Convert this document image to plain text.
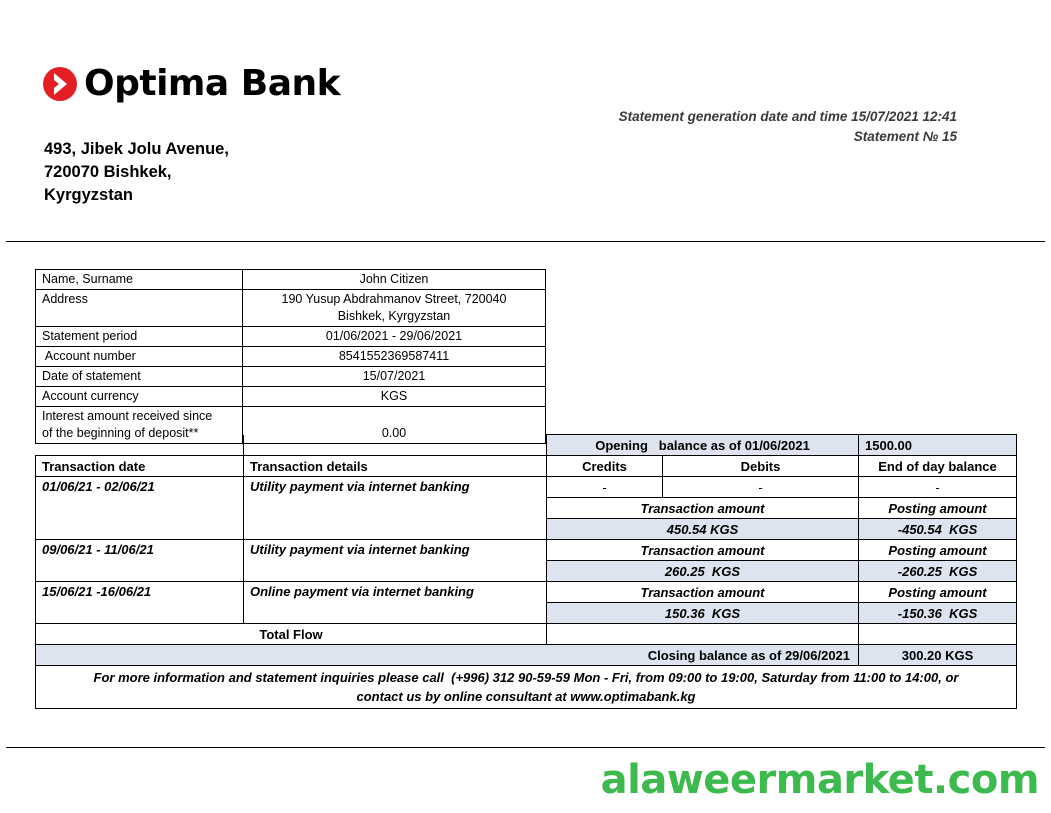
Optima Bank
Statement generation date and time 15/07/2021 12:41
Statement № 15
493, Jibek Jolu Avenue,
720070 Bishkek,
Kyrgyzstan
Name, Surname	John Citizen
Address	190 Yusup Abdrahmanov Street, 720040
Bishkek, Kyrgyzstan

Statement period	01/06/2021 - 29/06/2021
Account number	8541552369587411
Date of statement	15/07/2021
Account currency	KGS

Interest amount received since
of the beginning of deposit**	0.00
		Opening   balance as of 01/06/2021		1500.00
Transaction date	Transaction details	Credits	Debits	End of day balance
01/06/21 - 02/06/21	Utility payment via internet banking	-	-	-
		Transaction amount		Posting amount
		450.54 KGS		-450.54  KGS
09/06/21 - 11/06/21	Utility payment via internet banking	Transaction amount		Posting amount
		260.25  KGS		-260.25  KGS
15/06/21 -16/06/21	Online payment via internet banking	Transaction amount		Posting amount
		150.36  KGS		-150.36  KGS
Total Flow				
Closing balance as of 29/06/2021				300.20 KGS

For more information and statement inquiries please call  (+996) 312 90-59-59 Mon - Fri, from 09:00 to 19:00, Saturday from 11:00 to 14:00, or
contact us by online consultant at www.optimabank.kg				
alaweermarket.com
